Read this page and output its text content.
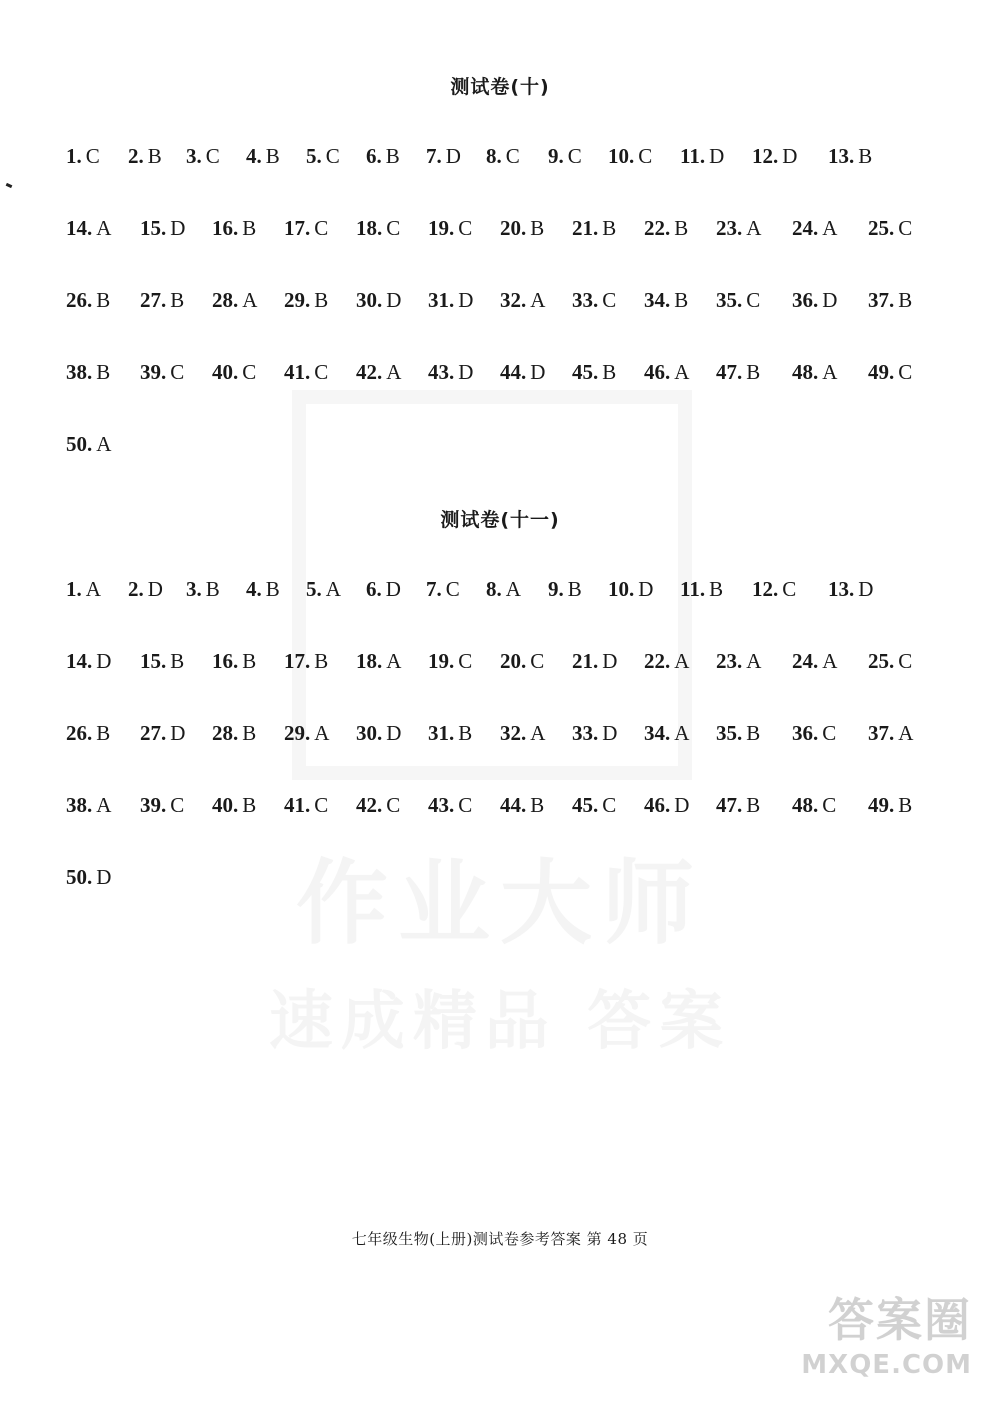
测试卷(十)
1. C 2. B 3. C 4. B 5. C 6. B 7. D 8. C 9. C 10. C 11. D 12. D 13. B
14. A 15. D 16. B 17. C 18. C 19. C 20. B 21. B 22. B 23. A 24. A 25. C
26. B 27. B 28. A 29. B 30. D 31. D 32. A 33. C 34. B 35. C 36. D 37. B
38. B 39. C 40. C 41. C 42. A 43. D 44. D 45. B 46. A 47. B 48. A 49. C
50. A
测试卷(十一)
1. A 2. D 3. B 4. B 5. A 6. D 7. C 8. A 9. B 10. D 11. B 12. C 13. D
14. D 15. B 16. B 17. B 18. A 19. C 20. C 21. D 22. A 23. A 24. A 25. C
26. B 27. D 28. B 29. A 30. D 31. B 32. A 33. D 34. A 35. B 36. C 37. A
38. A 39. C 40. B 41. C 42. C 43. C 44. B 45. C 46. D 47. B 48. C 49. B
50. D
七年级生物(上册)测试卷参考答案 第 48 页
答案圈
MXQE.COM
